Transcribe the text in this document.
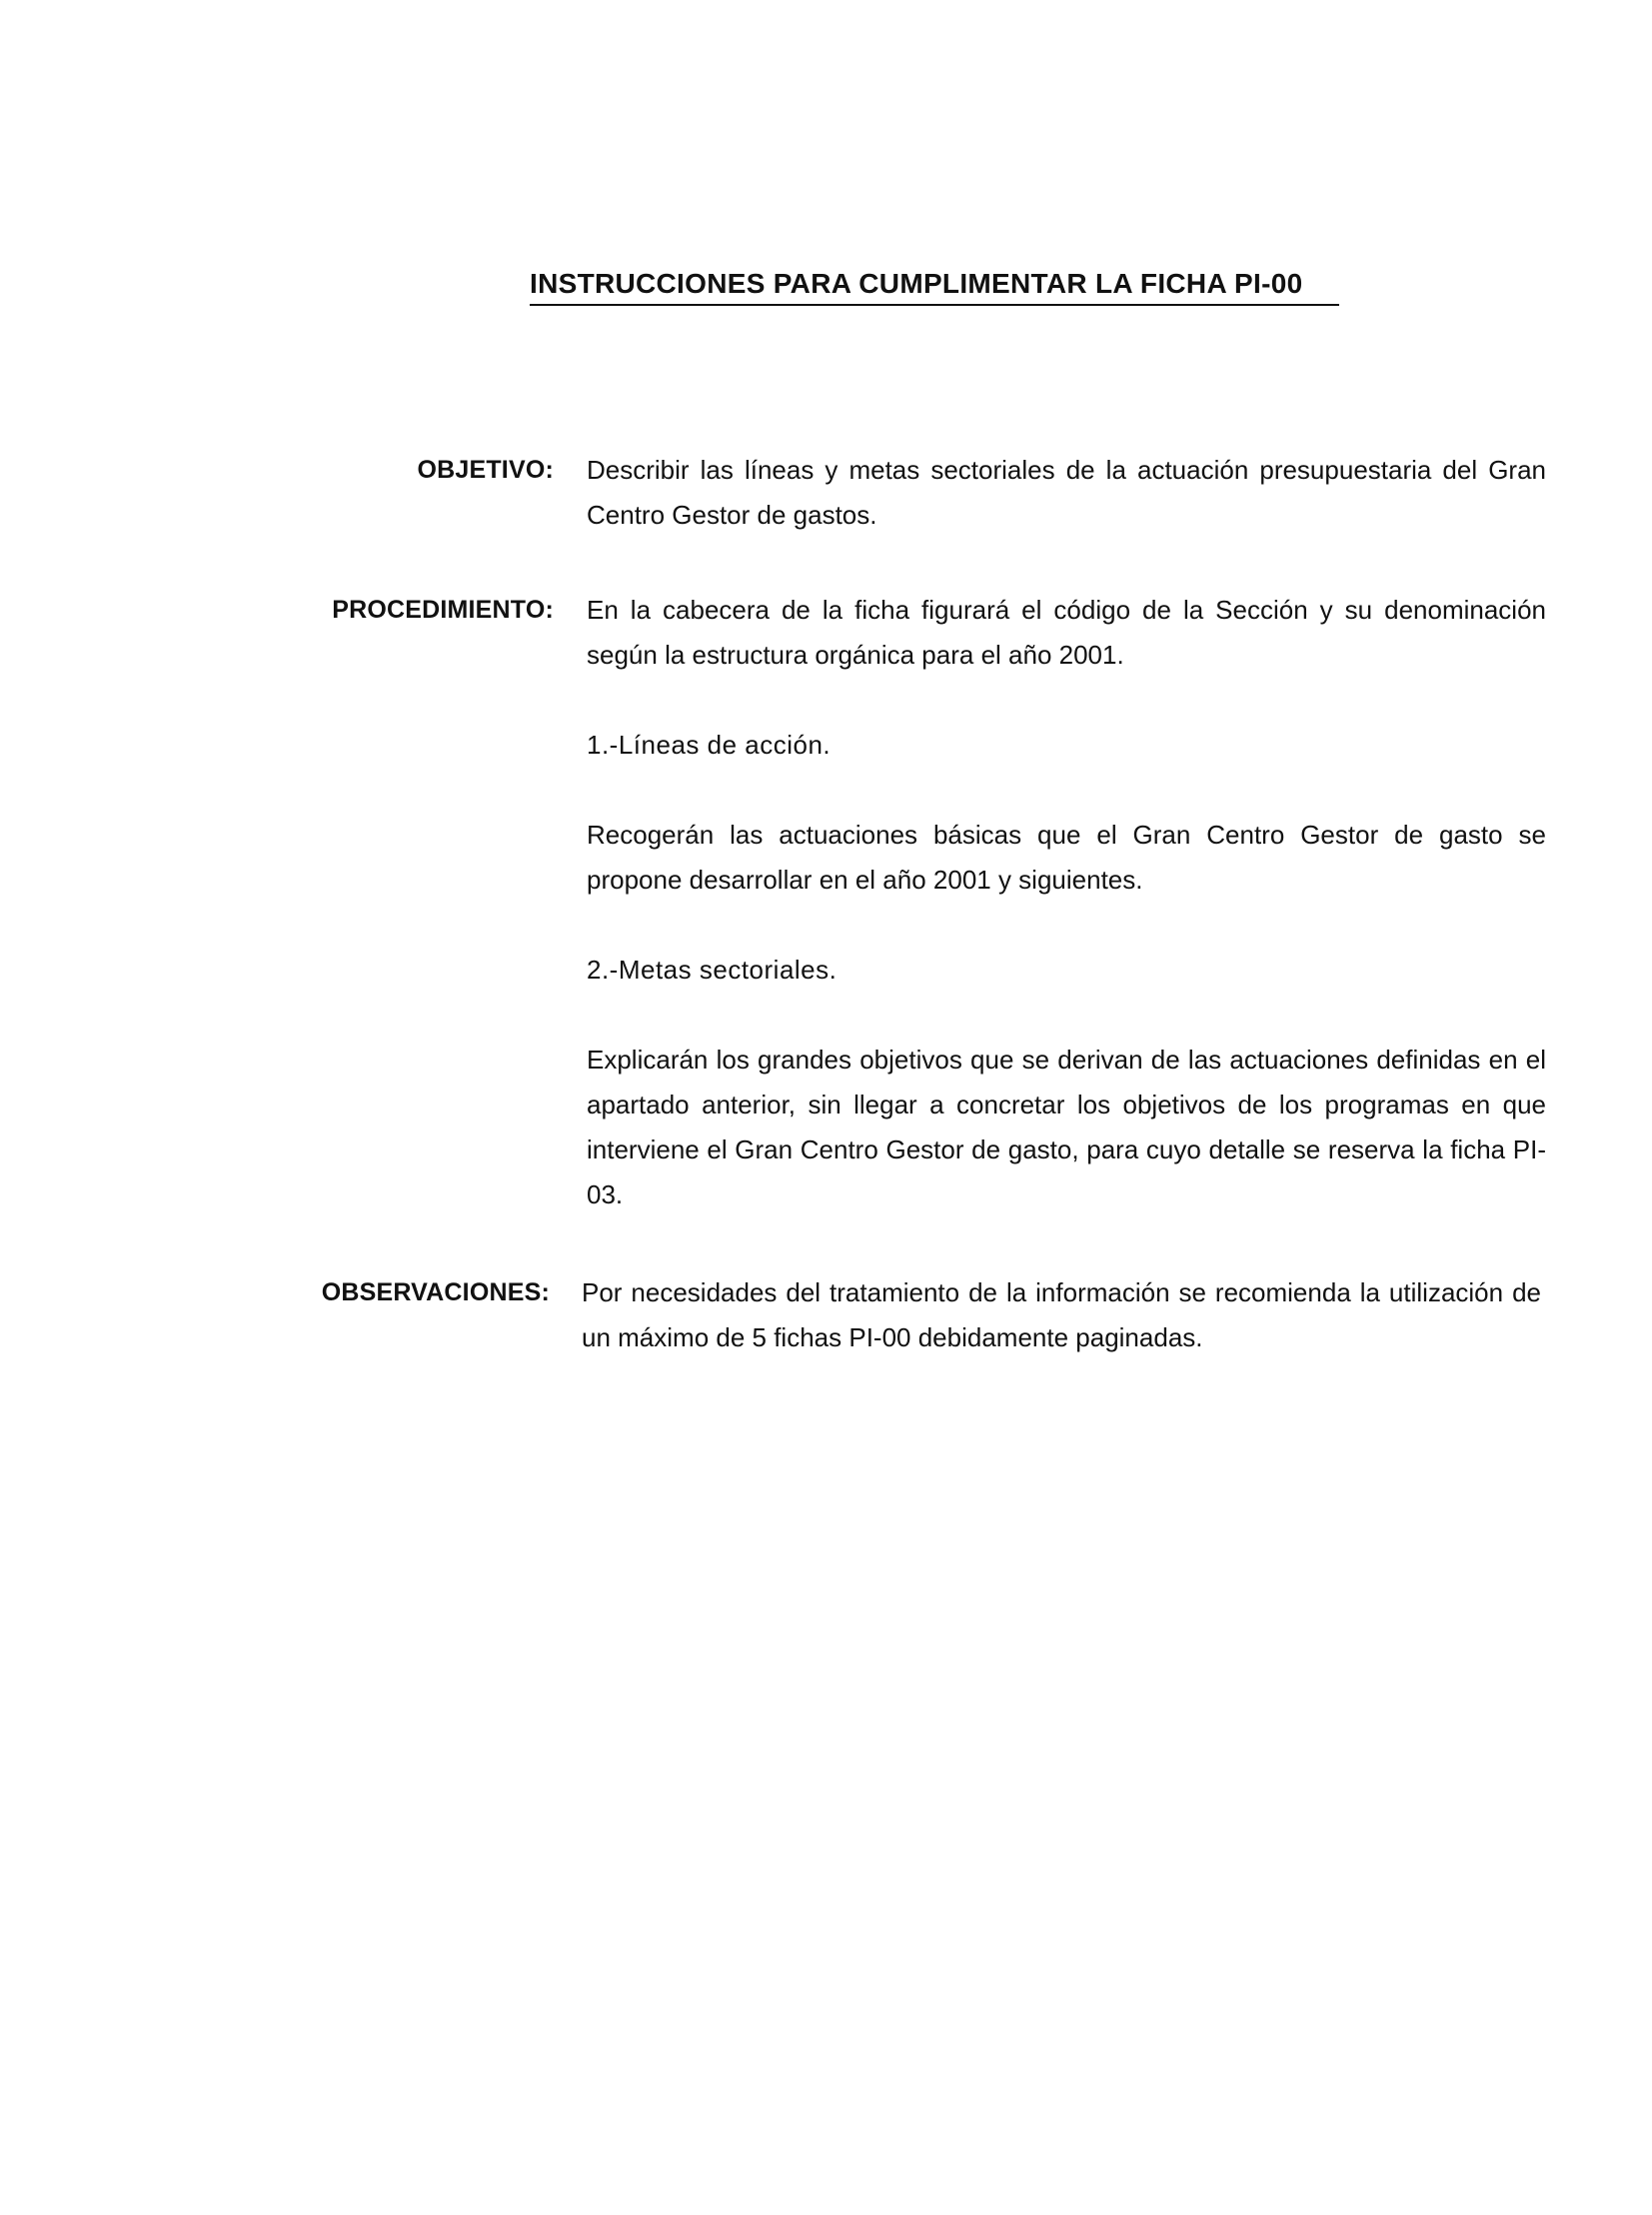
INSTRUCCIONES PARA CUMPLIMENTAR LA FICHA PI-00
OBJETIVO: Describir las líneas y metas sectoriales de la actuación presupuestaria del Gran Centro Gestor de gastos.

PROCEDIMIENTO: En la cabecera de la ficha figurará el código de la Sección y su denominación según la estructura orgánica para el año 2001.

1.-Líneas de acción.

Recogerán las actuaciones básicas que el Gran Centro Gestor de gasto se propone desarrollar en el año 2001 y siguientes.

2.-Metas sectoriales.

Explicarán los grandes objetivos que se derivan de las actuaciones definidas en el apartado anterior, sin llegar a concretar los objetivos de los programas en que interviene el Gran Centro Gestor de gasto, para cuyo detalle se reserva la ficha PI-03.

OBSERVACIONES: Por necesidades del tratamiento de la información se recomienda la utilización de un máximo de 5 fichas PI-00 debidamente paginadas.
